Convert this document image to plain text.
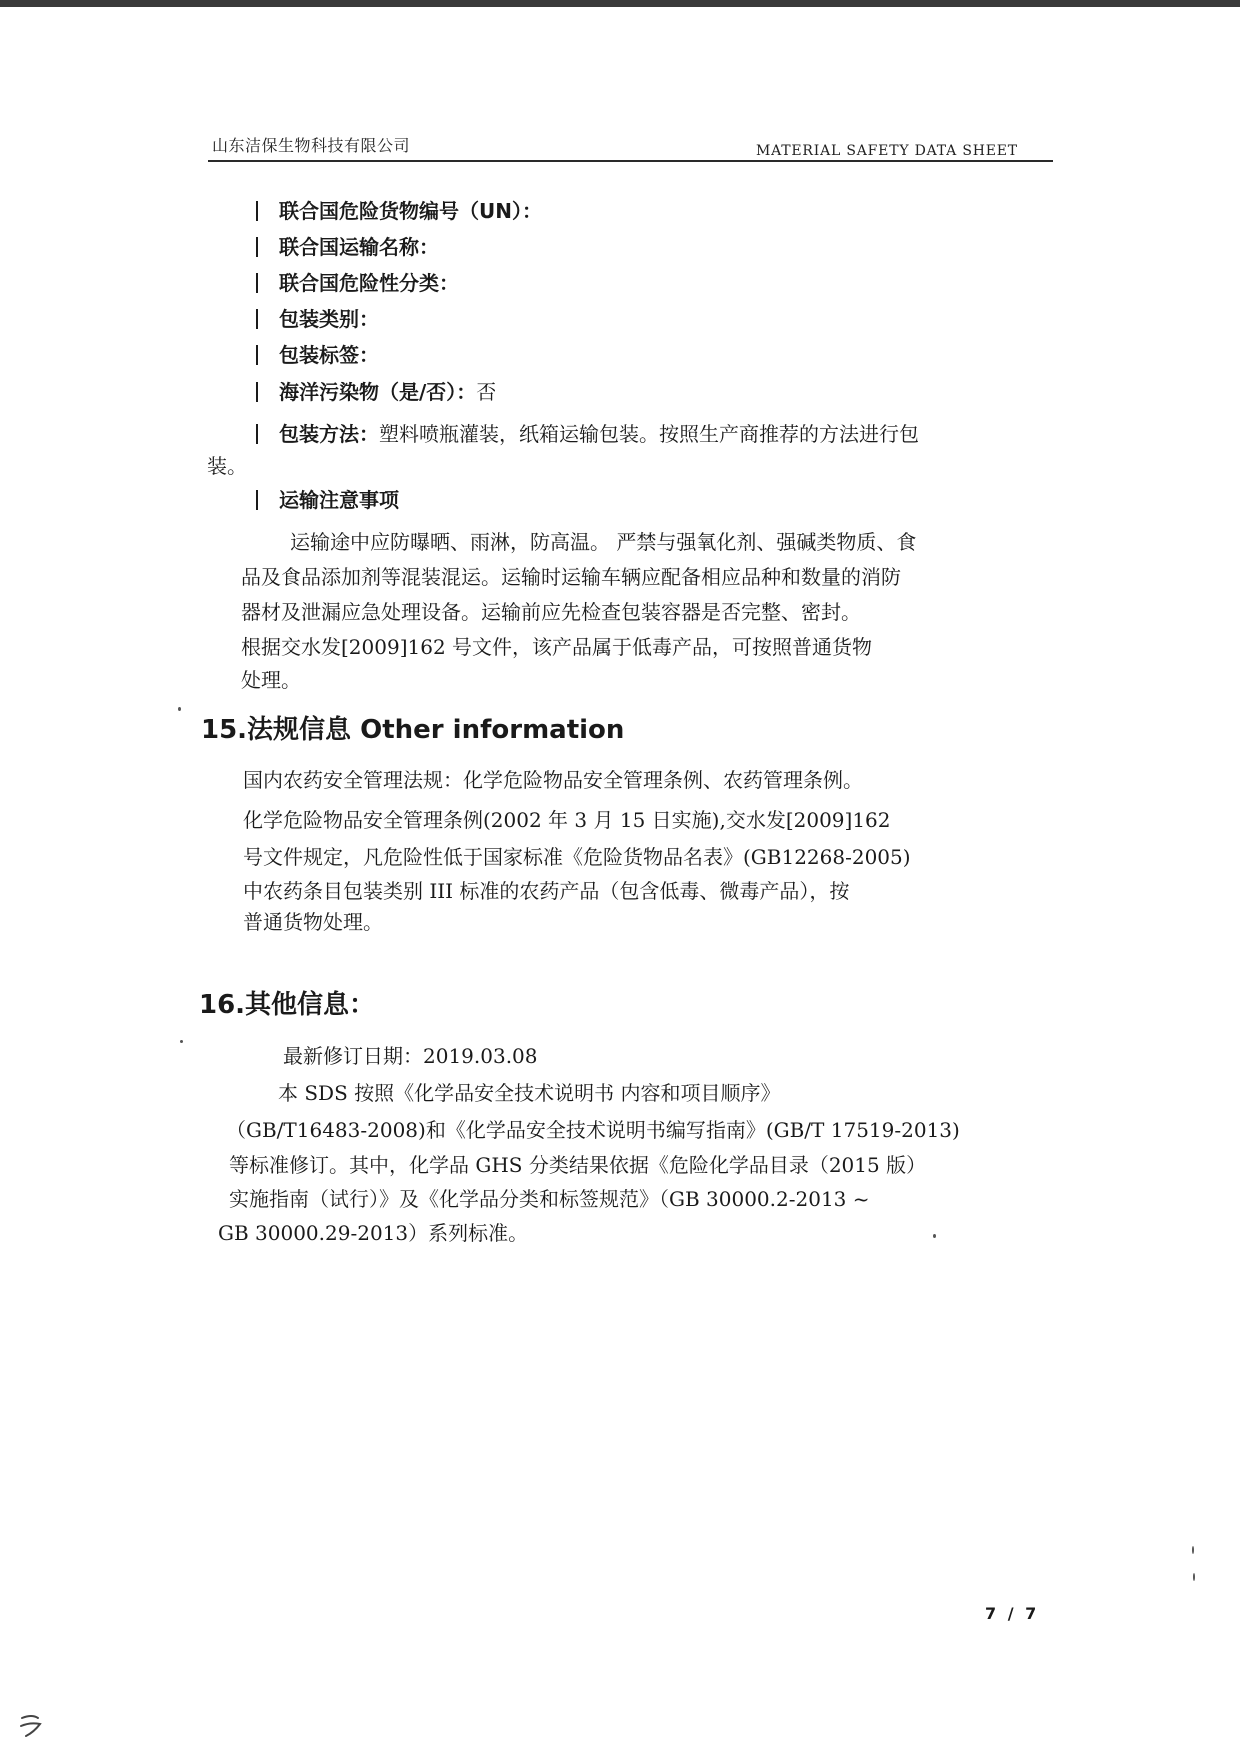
山东洁保生物科技有限公司	MATERIAL SAFETY DATA SHEET
联合国危险货物编号（UN）：
联合国运输名称：
联合国危险性分类：
包装类别：
包装标签：
海洋污染物（是/否）：否
包装方法：塑料喷瓶灌装，纸箱运输包装。按照生产商推荐的方法进行包
装。
运输注意事项
运输途中应防曝晒、雨淋，防高温。 严禁与强氧化剂、强碱类物质、食
品及食品添加剂等混装混运。运输时运输车辆应配备相应品种和数量的消防
器材及泄漏应急处理设备。运输前应先检查包装容器是否完整、密封。
根据交水发[2009]162 号文件，该产品属于低毒产品，可按照普通货物
处理。
15.法规信息 Other information
国内农药安全管理法规：化学危险物品安全管理条例、农药管理条例。
化学危险物品安全管理条例(2002 年 3 月 15 日实施),交水发[2009]162
号文件规定，凡危险性低于国家标准《危险货物品名表》(GB12268-2005)
中农药条目包装类别 III 标准的农药产品（包含低毒、微毒产品），按
普通货物处理。
16.其他信息：
最新修订日期：2019.03.08
本 SDS 按照《化学品安全技术说明书 内容和项目顺序》
（GB/T16483-2008)和《化学品安全技术说明书编写指南》(GB/T 17519-2013)
等标准修订。其中，化学品 GHS 分类结果依据《危险化学品目录（2015 版）
实施指南（试行）》及《化学品分类和标签规范》（GB 30000.2-2013 ~
GB 30000.29-2013）系列标准。
7 / 7
